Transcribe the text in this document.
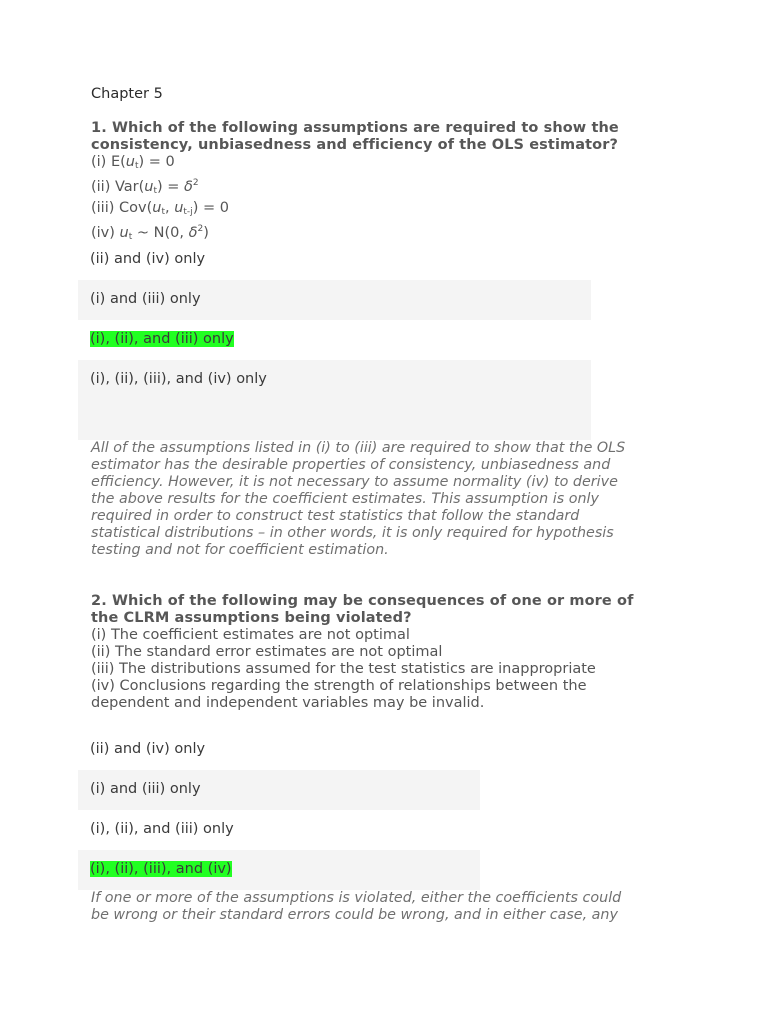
Chapter 5
1. Which of the following assumptions are required to show the
consistency, unbiasedness and efficiency of the OLS estimator?
(i) $E(u_t) = 0$
(ii) $Var(u_t) = \delta^2$
(iii) $Cov(u_t$, $u_{t-j}) = 0$
(iv) $u_t$ ~ N(0, $\delta^2$)
(ii) and (iv) only
(i) and (iii) only
(i), (ii), and (iii) only
(i), (ii), (iii), and (iv) only
All of the assumptions listed in (i) to (iii) are required to show that the OLS
estimator has the desirable properties of consistency, unbiasedness and
efficiency. However, it is not necessary to assume normality (iv) to derive
the above results for the coefficient estimates. This assumption is only
required in order to construct test statistics that follow the standard
statistical distributions – in other words, it is only required for hypothesis
testing and not for coefficient estimation.
2. Which of the following may be consequences of one or more of
the CLRM assumptions being violated?
(i) The coefficient estimates are not optimal
(ii) The standard error estimates are not optimal
(iii) The distributions assumed for the test statistics are inappropriate
(iv) Conclusions regarding the strength of relationships between the
dependent and independent variables may be invalid.
(ii) and (iv) only
(i) and (iii) only
(i), (ii), and (iii) only
(i), (ii), (iii), and (iv)
If one or more of the assumptions is violated, either the coefficients could
be wrong or their standard errors could be wrong, and in either case, any
